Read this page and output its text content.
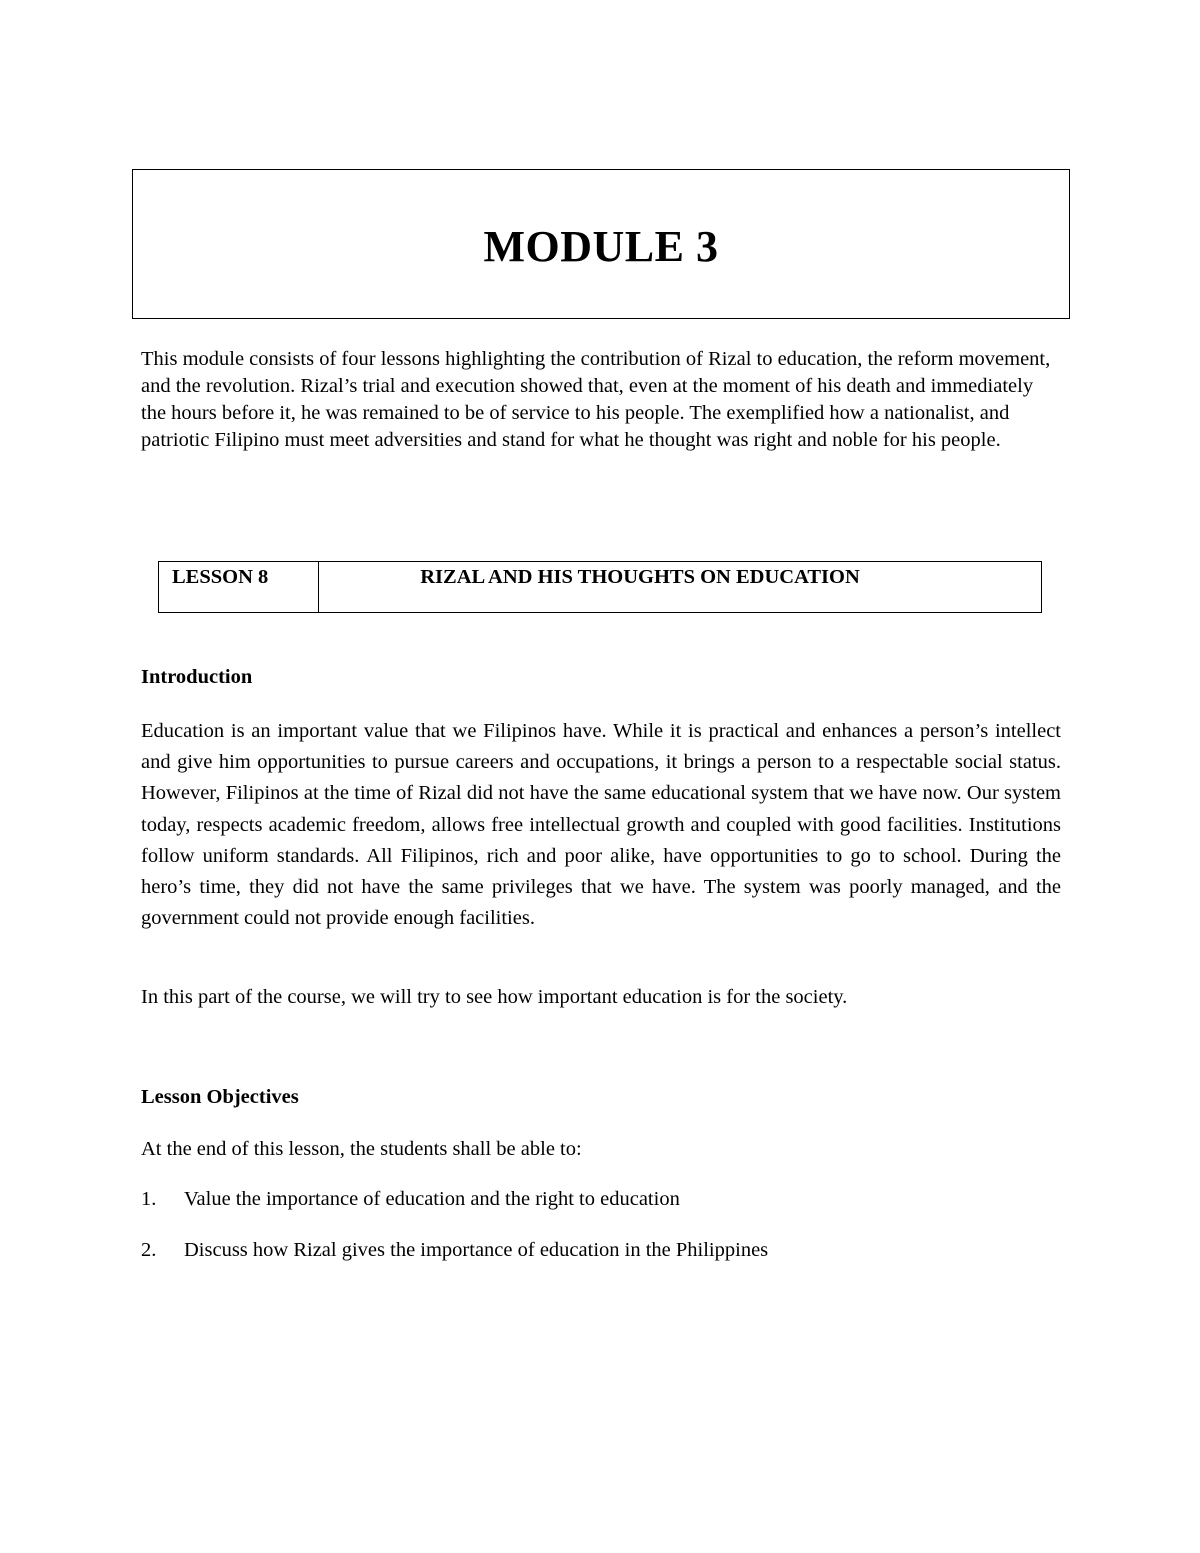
MODULE 3

This module consists of four lessons highlighting the contribution of Rizal to education, the reform movement, and the revolution. Rizal’s trial and execution showed that, even at the moment of his death and immediately the hours before it, he was remained to be of service to his people. The exemplified how a nationalist, and patriotic Filipino must meet adversities and stand for what he thought was right and noble for his people.

LESSON 8	RIZAL AND HIS THOUGHTS ON EDUCATION

Introduction

Education is an important value that we Filipinos have. While it is practical and enhances a person’s intellect and give him opportunities to pursue careers and occupations, it brings a person to a respectable social status. However, Filipinos at the time of Rizal did not have the same educational system that we have now. Our system today, respects academic freedom, allows free intellectual growth and coupled with good facilities. Institutions follow uniform standards. All Filipinos, rich and poor alike, have opportunities to go to school. During the hero’s time, they did not have the same privileges that we have. The system was poorly managed, and the government could not provide enough facilities.

In this part of the course, we will try to see how important education is for the society.

Lesson Objectives

At the end of this lesson, the students shall be able to:

1.	Value the importance of education and the right to education
2.	Discuss how Rizal gives the importance of education in the Philippines
